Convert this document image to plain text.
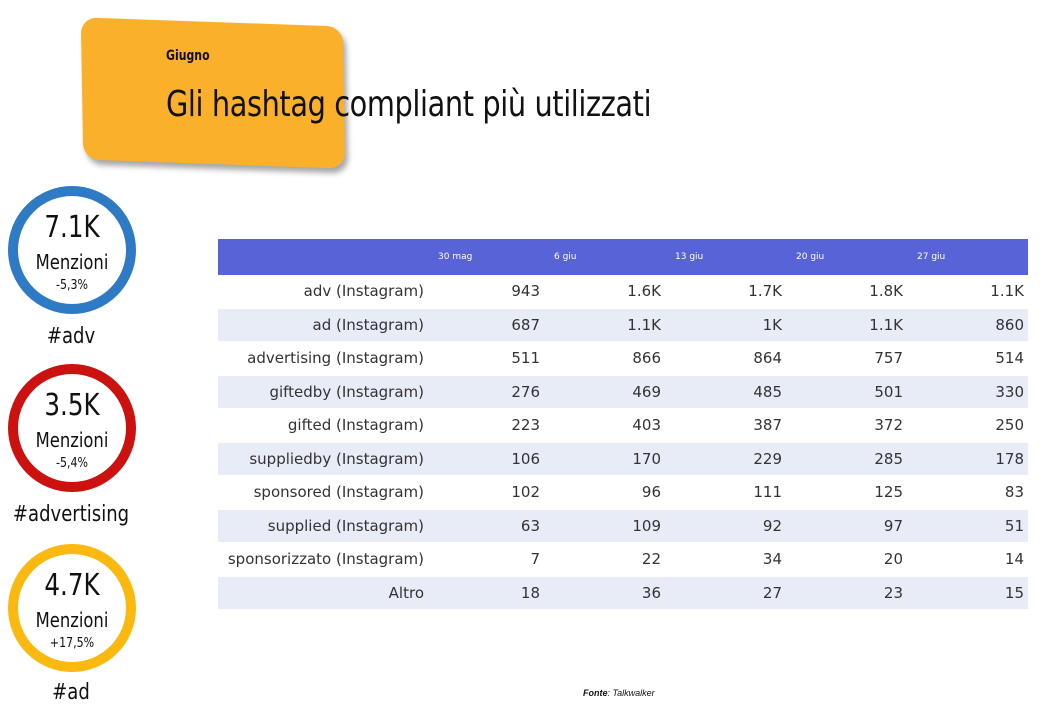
Giugno
Gli hashtag compliant più utilizzati
7.1K
Menzioni
-5,3%
#adv
3.5K
Menzioni
-5,4%
#advertising
4.7K
Menzioni
+17,5%
#ad
	30 mag	6 giu	13 giu	20 giu	27 giu
adv (Instagram)	943	1.6K	1.7K	1.8K	1.1K
ad (Instagram)	687	1.1K	1K	1.1K	860
advertising (Instagram)	511	866	864	757	514
giftedby (Instagram)	276	469	485	501	330
gifted (Instagram)	223	403	387	372	250
suppliedby (Instagram)	106	170	229	285	178
sponsored (Instagram)	102	96	111	125	83
supplied (Instagram)	63	109	92	97	51
sponsorizzato (Instagram)	7	22	34	20	14
Altro	18	36	27	23	15
Fonte: Talkwalker
